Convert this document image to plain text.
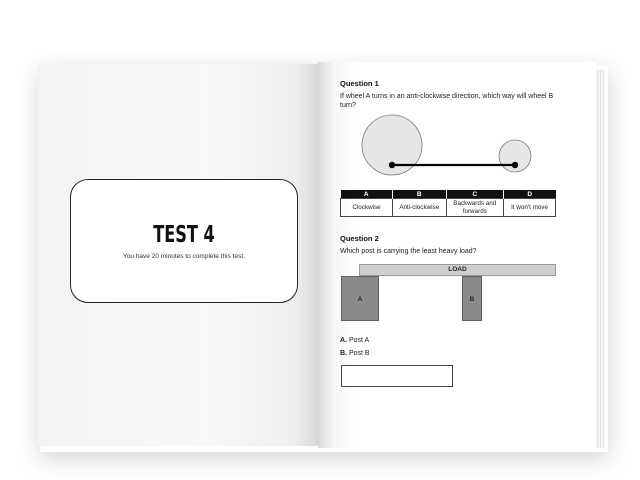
TEST 4
You have 20 minutes to complete this test.
Question 1
If wheel A turns in an anti-clockwise direction, which way will wheel B turn?
A	B	C	D
Clockwise	Anti-clockwise	Backwards and forwards	It won't move
Question 2
Which post is carrying the least heavy load?
LOAD
A	B
A. Post A
B. Post B
